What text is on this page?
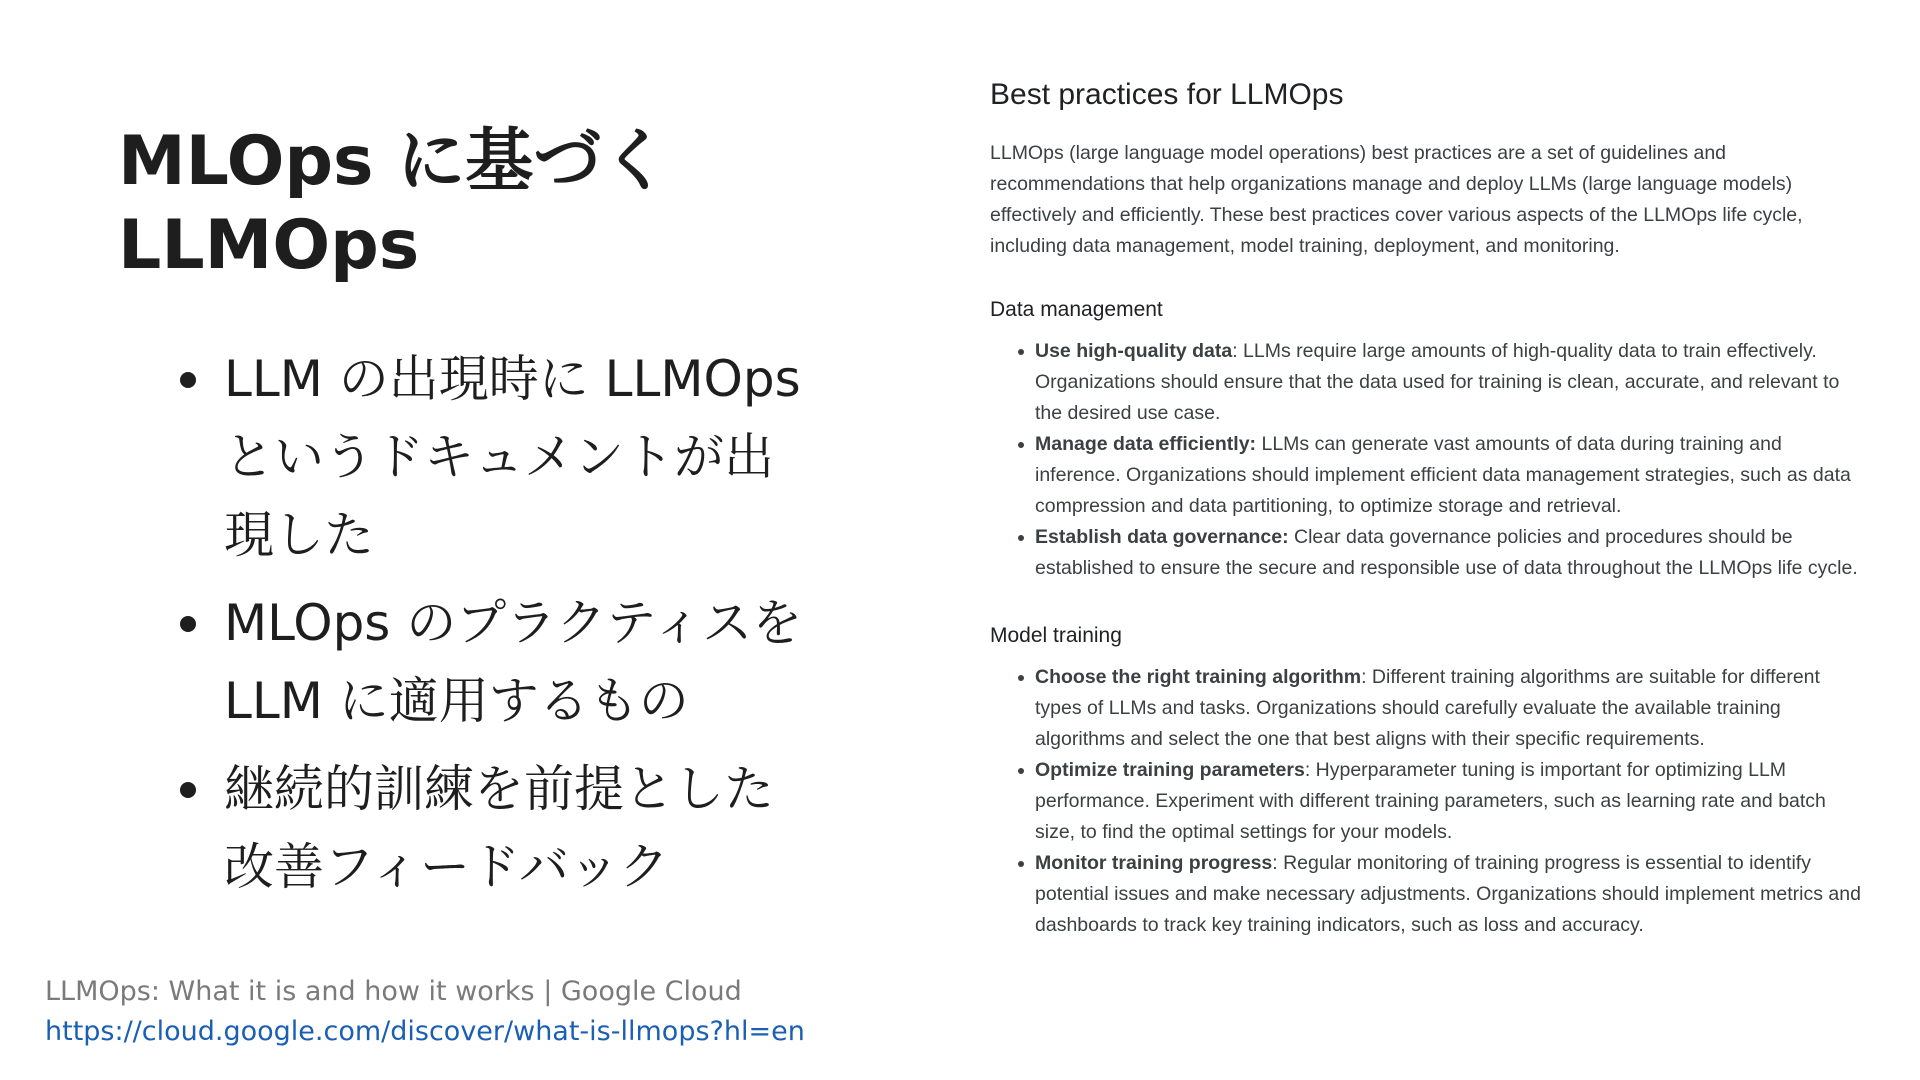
MLOps に基づく
LLMOps
LLM の出現時に LLMOps
というドキュメントが出
現した
MLOps のプラクティスを
LLM に適用するもの
継続的訓練を前提とした
改善フィードバック
LLMOps: What it is and how it works | Google Cloud
https://cloud.google.com/discover/what-is-llmops?hl=en
Best practices for LLMOps

LLMOps (large language model operations) best practices are a set of guidelines and
recommendations that help organizations manage and deploy LLMs (large language models)
effectively and efficiently. These best practices cover various aspects of the LLMOps life cycle,
including data management, model training, deployment, and monitoring.

Data management
Use high-quality data: LLMs require large amounts of high-quality data to train effectively.
Organizations should ensure that the data used for training is clean, accurate, and relevant to
the desired use case.
Manage data efficiently: LLMs can generate vast amounts of data during training and
inference. Organizations should implement efficient data management strategies, such as data
compression and data partitioning, to optimize storage and retrieval.
Establish data governance: Clear data governance policies and procedures should be
established to ensure the secure and responsible use of data throughout the LLMOps life cycle.
Model training
Choose the right training algorithm: Different training algorithms are suitable for different
types of LLMs and tasks. Organizations should carefully evaluate the available training
algorithms and select the one that best aligns with their specific requirements.
Optimize training parameters: Hyperparameter tuning is important for optimizing LLM
performance. Experiment with different training parameters, such as learning rate and batch
size, to find the optimal settings for your models.
Monitor training progress: Regular monitoring of training progress is essential to identify
potential issues and make necessary adjustments. Organizations should implement metrics and
dashboards to track key training indicators, such as loss and accuracy.
